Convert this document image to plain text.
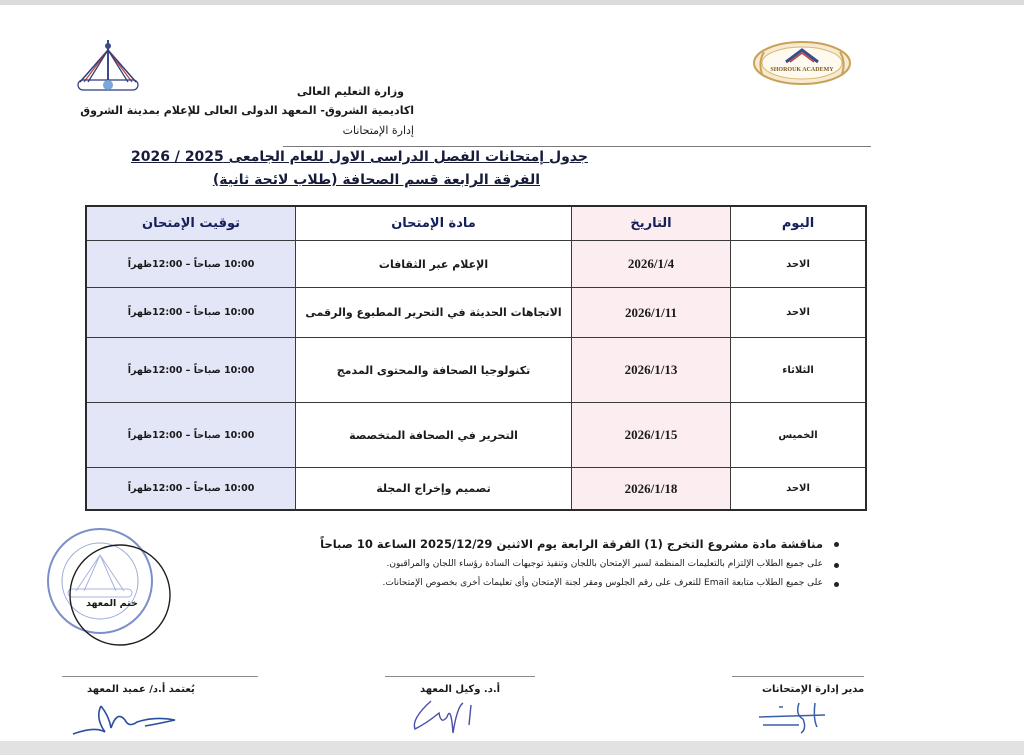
SHOROUK ACADEMY
وزارة التعليم العالى
اكاديمية الشروق- المعهد الدولى العالى للإعلام بمدينة الشروق
إدارة الإمتحانات
جدول إمتحانات الفصل الدراسى الاول للعام الجامعى 2025 / 2026
الفرقة الرابعة قسم الصحافة (طلاب لائحة ثانية)
اليوم
التاريخ
مادة الإمتحان
توقيت الإمتحان
الاحد
2026/1/4
الإعلام عبر الثقافات
10:00 صباحاً – 12:00ظهراً
الاحد
2026/1/11
الاتجاهات الحديثة في التحرير المطبوع والرقمى
10:00 صباحاً – 12:00ظهراً
الثلاثاء
2026/1/13
تكنولوجيا الصحافة والمحتوى المدمج
10:00 صباحاً – 12:00ظهراً
الخميس
2026/1/15
التحرير في الصحافة المتخصصة
10:00 صباحاً – 12:00ظهراً
الاحد
2026/1/18
تصميم وإخراج المجلة
10:00 صباحاً – 12:00ظهراً
مناقشة مادة مشروع التخرج (1) الفرقة الرابعة يوم الاثنين 2025/12/29 الساعة 10 صباحاً
على جميع الطلاب الإلتزام بالتعليمات المنظمة لسير الإمتحان باللجان وتنفيذ توجيهات السادة رؤساء اللجان والمراقبون.
على جميع الطلاب متابعة Email للتعرف على رقم الجلوس ومقر لجنة الإمتحان وأى تعليمات أخرى بخصوص الإمتحانات.
ختم المعهد
يُعتمد أ.د/ عميد المعهد	أ.د. وكيل المعهد	مدير إدارة الإمتحانات
